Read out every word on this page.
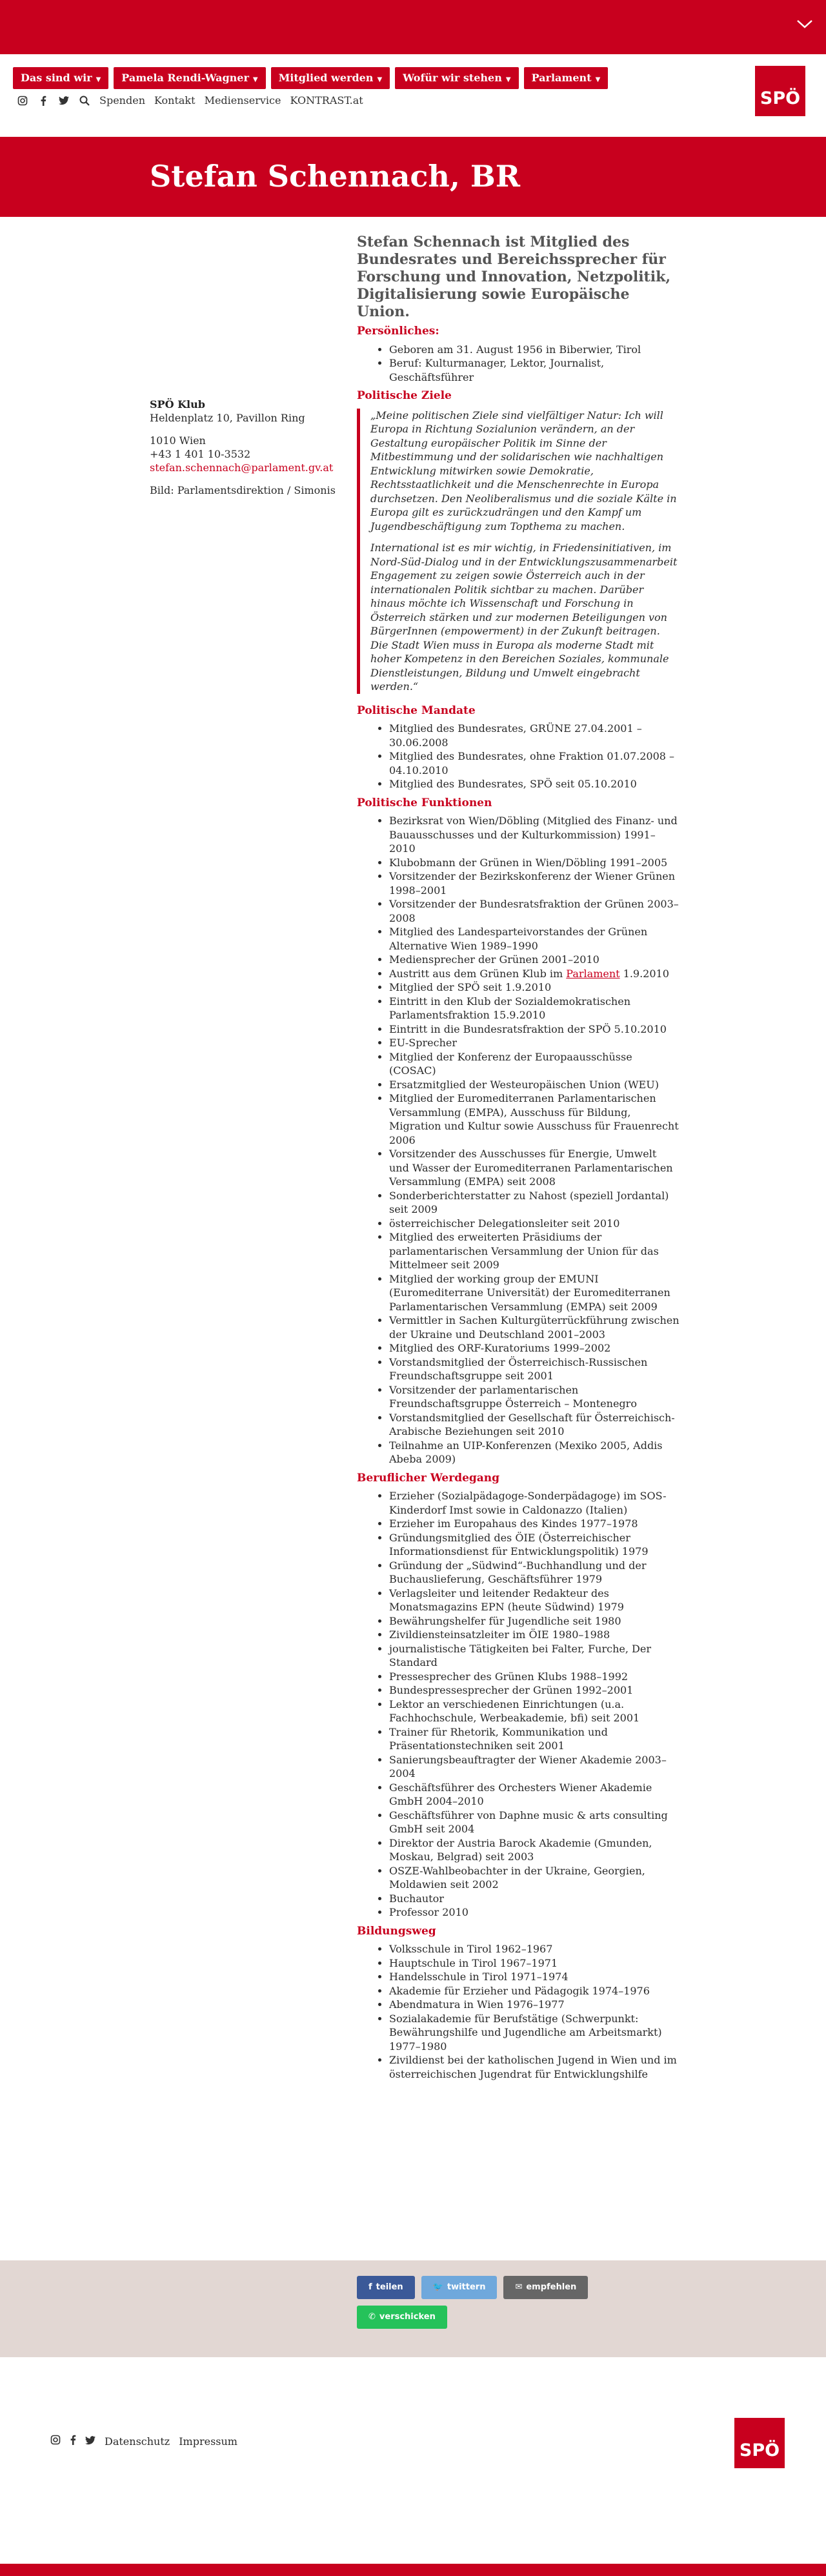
Das sind wir ▼	Pamela Rendi-Wagner ▼	Mitglied werden ▼	Wofür wir stehen ▼	Parlament ▼
Spenden Kontakt Medienservice KONTRAST.at	SPÖ
Stefan Schennach, BR
SPÖ Klub
Heldenplatz 10, Pavillon Ring
1010 Wien
+43 1 401 10-3532
stefan.schennach@parlament.gv.at
Bild: Parlamentsdirektion / Simonis

Stefan Schennach ist Mitglied des Bundesrates und Bereichssprecher für Forschung und Innovation, Netzpolitik, Digitalisierung sowie Europäische Union.

Persönliches:
• Geboren am 31. August 1956 in Biberwier, Tirol
• Beruf: Kulturmanager, Lektor, Journalist, Geschäftsführer
Politische Ziele

„Meine politischen Ziele sind vielfältiger Natur: Ich will Europa in Richtung Sozialunion verändern, an der Gestaltung europäischer Politik im Sinne der Mitbestimmung und der solidarischen wie nachhaltigen Entwicklung mitwirken sowie Demokratie, Rechtsstaatlichkeit und die Menschenrechte in Europa durchsetzen. Den Neoliberalismus und die soziale Kälte in Europa gilt es zurückzudrängen und den Kampf um Jugendbeschäftigung zum Topthema zu machen.

International ist es mir wichtig, in Friedensinitiativen, im Nord-Süd-Dialog und in der Entwicklungszusammenarbeit Engagement zu zeigen sowie Österreich auch in der internationalen Politik sichtbar zu machen. Darüber hinaus möchte ich Wissenschaft und Forschung in Österreich stärken und zur modernen Beteiligungen von BürgerInnen (empowerment) in der Zukunft beitragen. Die Stadt Wien muss in Europa als moderne Stadt mit hoher Kompetenz in den Bereichen Soziales, kommunale Dienstleistungen, Bildung und Umwelt eingebracht werden.“

Politische Mandate
• Mitglied des Bundesrates, GRÜNE 27.04.2001 – 30.06.2008
• Mitglied des Bundesrates, ohne Fraktion 01.07.2008 – 04.10.2010
• Mitglied des Bundesrates, SPÖ seit 05.10.2010
Politische Funktionen
• Bezirksrat von Wien/Döbling (Mitglied des Finanz- und Bauausschusses und der Kulturkommission) 1991–2010
• Klubobmann der Grünen in Wien/Döbling 1991–2005
• Vorsitzender der Bezirkskonferenz der Wiener Grünen 1998–2001
• Vorsitzender der Bundesratsfraktion der Grünen 2003–2008
• Mitglied des Landesparteivorstandes der Grünen Alternative Wien 1989–1990
• Mediensprecher der Grünen 2001–2010
• Austritt aus dem Grünen Klub im Parlament 1.9.2010
• Mitglied der SPÖ seit 1.9.2010
• Eintritt in den Klub der Sozialdemokratischen Parlamentsfraktion 15.9.2010
• Eintritt in die Bundesratsfraktion der SPÖ 5.10.2010
• EU-Sprecher
• Mitglied der Konferenz der Europaausschüsse (COSAC)
• Ersatzmitglied der Westeuropäischen Union (WEU)
• Mitglied der Euromediterranen Parlamentarischen Versammlung (EMPA), Ausschuss für Bildung, Migration und Kultur sowie Ausschuss für Frauenrecht 2006
• Vorsitzender des Ausschusses für Energie, Umwelt und Wasser der Euromediterranen Parlamentarischen Versammlung (EMPA) seit 2008
• Sonderberichterstatter zu Nahost (speziell Jordantal) seit 2009
• österreichischer Delegationsleiter seit 2010
• Mitglied des erweiterten Präsidiums der parlamentarischen Versammlung der Union für das Mittelmeer seit 2009
• Mitglied der working group der EMUNI (Euromediterrane Universität) der Euromediterranen Parlamentarischen Versammlung (EMPA) seit 2009
• Vermittler in Sachen Kulturgüterrückführung zwischen der Ukraine und Deutschland 2001–2003
• Mitglied des ORF-Kuratoriums 1999–2002
• Vorstandsmitglied der Österreichisch-Russischen Freundschaftsgruppe seit 2001
• Vorsitzender der parlamentarischen Freundschaftsgruppe Österreich – Montenegro
• Vorstandsmitglied der Gesellschaft für Österreichisch-Arabische Beziehungen seit 2010
• Teilnahme an UIP-Konferenzen (Mexiko 2005, Addis Abeba 2009)
Beruflicher Werdegang
• Erzieher (Sozialpädagoge-Sonderpädagoge) im SOS-Kinderdorf Imst sowie in Caldonazzo (Italien)
• Erzieher im Europahaus des Kindes 1977–1978
• Gründungsmitglied des ÖIE (Österreichischer Informationsdienst für Entwicklungspolitik) 1979
• Gründung der „Südwind“-Buchhandlung und der Buchauslieferung, Geschäftsführer 1979
• Verlagsleiter und leitender Redakteur des Monatsmagazins EPN (heute Südwind) 1979
• Bewährungshelfer für Jugendliche seit 1980
• Zivildiensteinsatzleiter im ÖIE 1980–1988
• journalistische Tätigkeiten bei Falter, Furche, Der Standard
• Pressesprecher des Grünen Klubs 1988–1992
• Bundespressesprecher der Grünen 1992–2001
• Lektor an verschiedenen Einrichtungen (u.a. Fachhochschule, Werbeakademie, bfi) seit 2001
• Trainer für Rhetorik, Kommunikation und Präsentationstechniken seit 2001
• Sanierungsbeauftragter der Wiener Akademie 2003–2004
• Geschäftsführer des Orchesters Wiener Akademie GmbH 2004–2010
• Geschäftsführer von Daphne music & arts consulting GmbH seit 2004
• Direktor der Austria Barock Akademie (Gmunden, Moskau, Belgrad) seit 2003
• OSZE-Wahlbeobachter in der Ukraine, Georgien, Moldawien seit 2002
• Buchautor
• Professor 2010
Bildungsweg
• Volksschule in Tirol 1962–1967
• Hauptschule in Tirol 1967–1971
• Handelsschule in Tirol 1971–1974
• Akademie für Erzieher und Pädagogik 1974–1976
• Abendmatura in Wien 1976–1977
• Sozialakademie für Berufstätige (Schwerpunkt: Bewährungshilfe und Jugendliche am Arbeitsmarkt) 1977–1980
• Zivildienst bei der katholischen Jugend in Wien und im österreichischen Jugendrat für Entwicklungshilfe
f teilen	🐦 twittern	✉ empfehlen
✆ verschicken
Datenschutz Impressum	SPÖ
